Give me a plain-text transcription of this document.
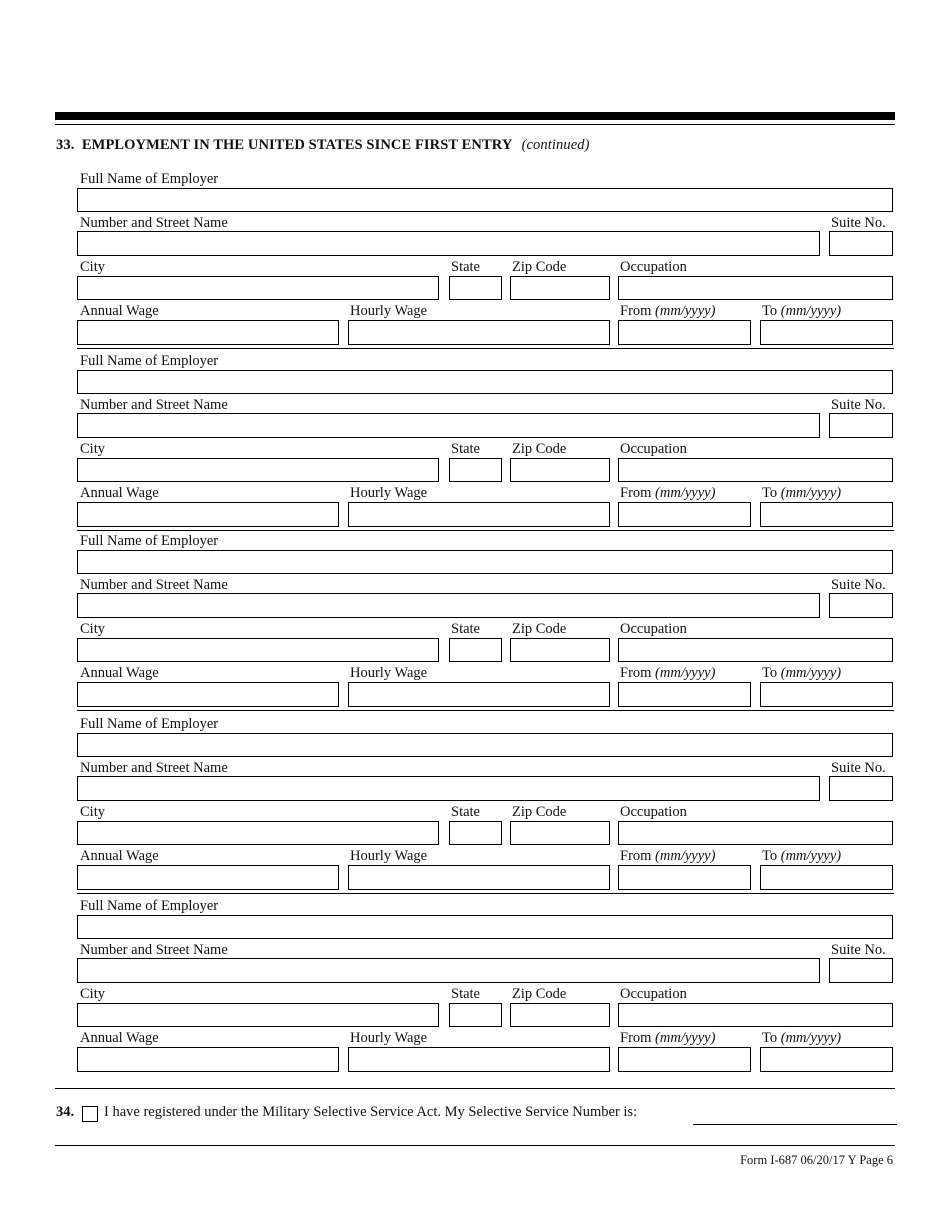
33. EMPLOYMENT IN THE UNITED STATES SINCE FIRST ENTRY (continued)
Full Name of Employer
Number and Street Name	Suite No.
City	State Zip Code	Occupation
Annual Wage	Hourly Wage	From (mm/yyyy)	To (mm/yyyy)
Full Name of Employer
Number and Street Name	Suite No.
City	State Zip Code	Occupation
Annual Wage	Hourly Wage	From (mm/yyyy)	To (mm/yyyy)
Full Name of Employer
Number and Street Name	Suite No.
City	State Zip Code	Occupation
Annual Wage	Hourly Wage	From (mm/yyyy)	To (mm/yyyy)
Full Name of Employer
Number and Street Name	Suite No.
City	State Zip Code	Occupation
Annual Wage	Hourly Wage	From (mm/yyyy)	To (mm/yyyy)
Full Name of Employer
Number and Street Name	Suite No.
City	State Zip Code	Occupation
Annual Wage	Hourly Wage	From (mm/yyyy)	To (mm/yyyy)
34. I have registered under the Military Selective Service Act. My Selective Service Number is:
Form I-687 06/20/17 Y Page 6
